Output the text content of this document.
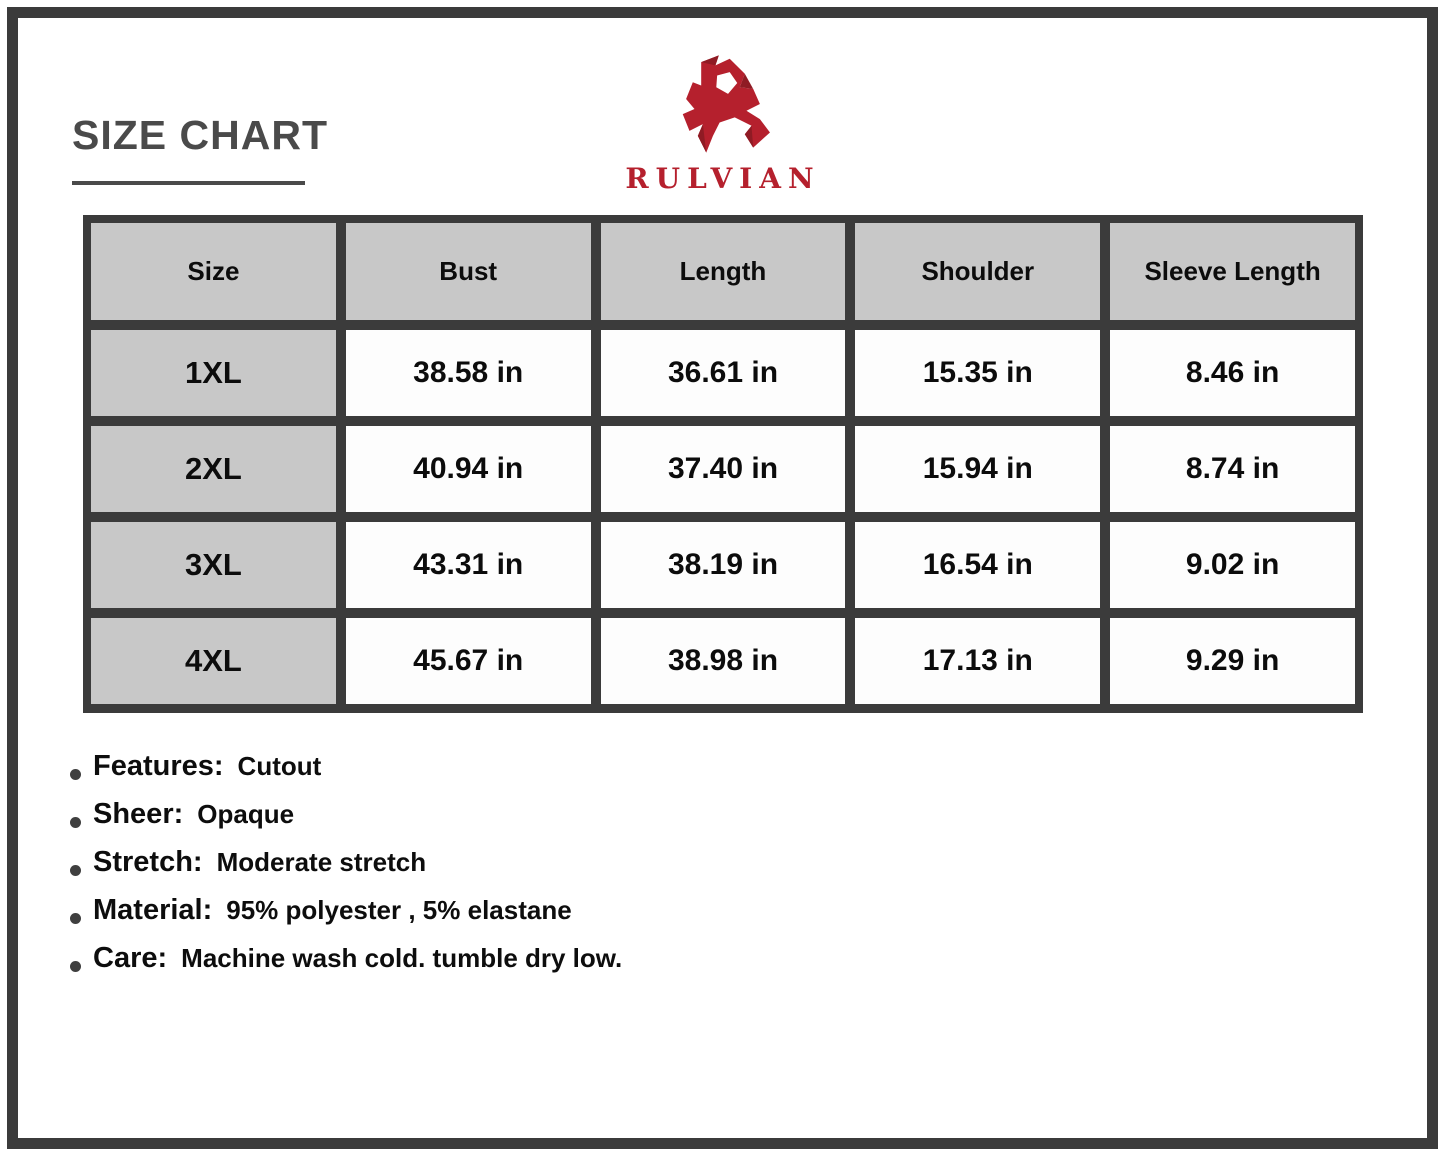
SIZE CHART
RULVIAN
Size	Bust	Length	Shoulder	Sleeve Length
1XL	38.58 in	36.61 in	15.35 in	8.46 in
2XL	40.94 in	37.40 in	15.94 in	8.74 in
3XL	43.31 in	38.19 in	16.54 in	9.02 in
4XL	45.67 in	38.98 in	17.13 in	9.29 in
Features: Cutout
Sheer: Opaque
Stretch: Moderate stretch
Material: 95% polyester , 5% elastane
Care: Machine wash cold. tumble dry low.
